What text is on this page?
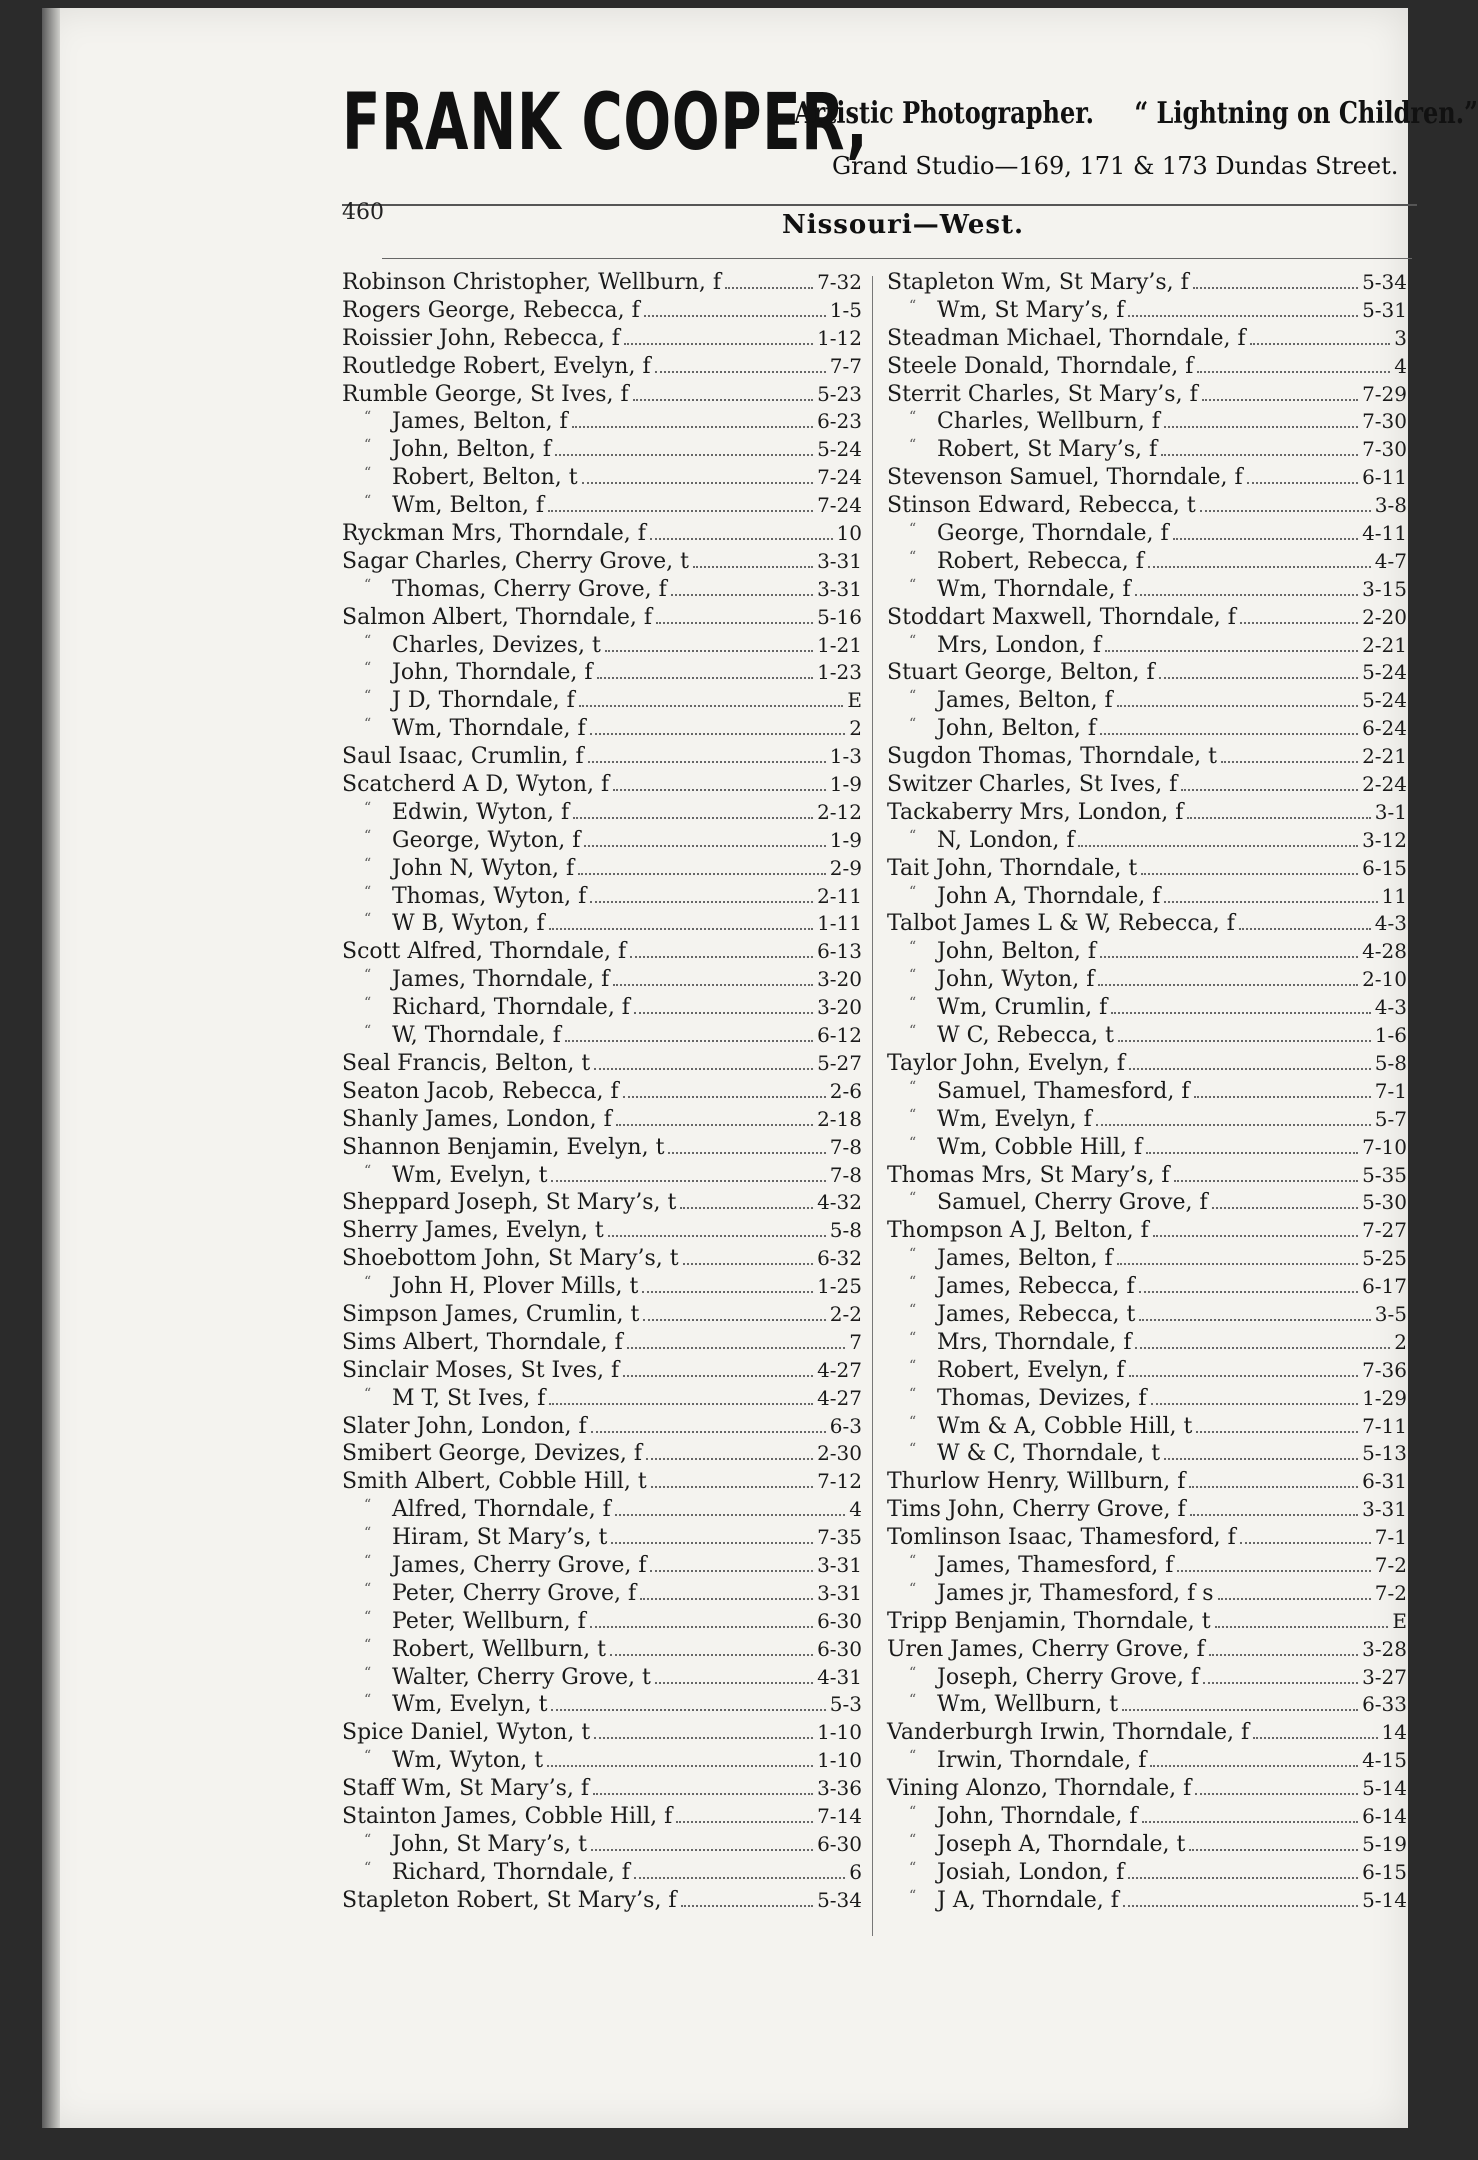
FRANK COOPER,
Artistic Photographer. “ Lightning on Children.”
Grand Studio—169, 171 & 173 Dundas Street.
460	Nissouri—West.
Robinson Christopher, Wellburn, f	7-32
Rogers George, Rebecca, f	1-5
Roissier John, Rebecca, f	1-12
Routledge Robert, Evelyn, f	7-7
Rumble George, St Ives, f	5-23
“ James, Belton, f	6-23
“ John, Belton, f	5-24
“ Robert, Belton, t	7-24
“ Wm, Belton, f	7-24
Ryckman Mrs, Thorndale, f	10
Sagar Charles, Cherry Grove, t	3-31
“ Thomas, Cherry Grove, f	3-31
Salmon Albert, Thorndale, f	5-16
“ Charles, Devizes, t	1-21
“ John, Thorndale, f	1-23
“ J D, Thorndale, f	E
“ Wm, Thorndale, f	2
Saul Isaac, Crumlin, f	1-3
Scatcherd A D, Wyton, f	1-9
“ Edwin, Wyton, f	2-12
“ George, Wyton, f	1-9
“ John N, Wyton, f	2-9
“ Thomas, Wyton, f	2-11
“ W B, Wyton, f	1-11
Scott Alfred, Thorndale, f	6-13
“ James, Thorndale, f	3-20
“ Richard, Thorndale, f	3-20
“ W, Thorndale, f	6-12
Seal Francis, Belton, t	5-27
Seaton Jacob, Rebecca, f	2-6
Shanly James, London, f	2-18
Shannon Benjamin, Evelyn, t	7-8
“ Wm, Evelyn, t	7-8
Sheppard Joseph, St Mary’s, t	4-32
Sherry James, Evelyn, t	5-8
Shoebottom John, St Mary’s, t	6-32
“ John H, Plover Mills, t	1-25
Simpson James, Crumlin, t	2-2
Sims Albert, Thorndale, f	7
Sinclair Moses, St Ives, f	4-27
“ M T, St Ives, f	4-27
Slater John, London, f	6-3
Smibert George, Devizes, f	2-30
Smith Albert, Cobble Hill, t	7-12
“ Alfred, Thorndale, f	4
“ Hiram, St Mary’s, t	7-35
“ James, Cherry Grove, f	3-31
“ Peter, Cherry Grove, f	3-31
“ Peter, Wellburn, f	6-30
“ Robert, Wellburn, t	6-30
“ Walter, Cherry Grove, t	4-31
“ Wm, Evelyn, t	5-3
Spice Daniel, Wyton, t	1-10
“ Wm, Wyton, t	1-10
Staff Wm, St Mary’s, f	3-36
Stainton James, Cobble Hill, f	7-14
“ John, St Mary’s, t	6-30
“ Richard, Thorndale, f	6
Stapleton Robert, St Mary’s, f	5-34
Stapleton Wm, St Mary’s, f	5-34
“ Wm, St Mary’s, f	5-31
Steadman Michael, Thorndale, f	3
Steele Donald, Thorndale, f	4
Sterrit Charles, St Mary’s, f	7-29
“ Charles, Wellburn, f	7-30
“ Robert, St Mary’s, f	7-30
Stevenson Samuel, Thorndale, f	6-11
Stinson Edward, Rebecca, t	3-8
“ George, Thorndale, f	4-11
“ Robert, Rebecca, f	4-7
“ Wm, Thorndale, f	3-15
Stoddart Maxwell, Thorndale, f	2-20
“ Mrs, London, f	2-21
Stuart George, Belton, f	5-24
“ James, Belton, f	5-24
“ John, Belton, f	6-24
Sugdon Thomas, Thorndale, t	2-21
Switzer Charles, St Ives, f	2-24
Tackaberry Mrs, London, f	3-1
“ N, London, f	3-12
Tait John, Thorndale, t	6-15
“ John A, Thorndale, f	11
Talbot James L & W, Rebecca, f	4-3
“ John, Belton, f	4-28
“ John, Wyton, f	2-10
“ Wm, Crumlin, f	4-3
“ W C, Rebecca, t	1-6
Taylor John, Evelyn, f	5-8
“ Samuel, Thamesford, f	7-1
“ Wm, Evelyn, f	5-7
“ Wm, Cobble Hill, f	7-10
Thomas Mrs, St Mary’s, f	5-35
“ Samuel, Cherry Grove, f	5-30
Thompson A J, Belton, f	7-27
“ James, Belton, f	5-25
“ James, Rebecca, f	6-17
“ James, Rebecca, t	3-5
“ Mrs, Thorndale, f	2
“ Robert, Evelyn, f	7-36
“ Thomas, Devizes, f	1-29
“ Wm & A, Cobble Hill, t	7-11
“ W & C, Thorndale, t	5-13
Thurlow Henry, Willburn, f	6-31
Tims John, Cherry Grove, f	3-31
Tomlinson Isaac, Thamesford, f	7-1
“ James, Thamesford, f	7-2
“ James jr, Thamesford, f s	7-2
Tripp Benjamin, Thorndale, t	E
Uren James, Cherry Grove, f	3-28
“ Joseph, Cherry Grove, f	3-27
“ Wm, Wellburn, t	6-33
Vanderburgh Irwin, Thorndale, f	14
“ Irwin, Thorndale, f	4-15
Vining Alonzo, Thorndale, f	5-14
“ John, Thorndale, f	6-14
“ Joseph A, Thorndale, t	5-19
“ Josiah, London, f	6-15
“ J A, Thorndale, f	5-14
